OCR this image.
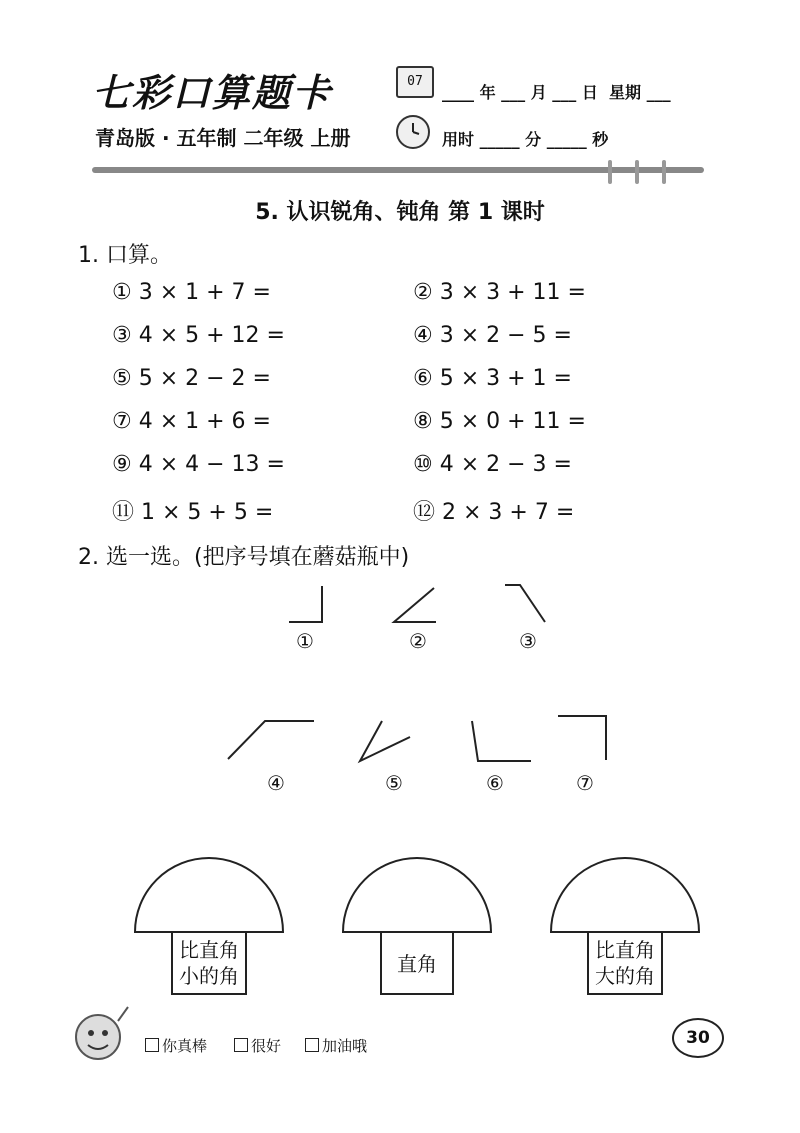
七彩口算题卡
青岛版 · 五年制 二年级 上册
07
____ 年 ___ 月 ___ 日  星期 ___
用时 _____ 分 _____ 秒
5. 认识锐角、钝角 第 1 课时
1. 口算。
① 3 × 1 + 7 =	② 3 × 3 + 11 =
③ 4 × 5 + 12 =	④ 3 × 2 − 5 =
⑤ 5 × 2 − 2 =	⑥ 5 × 3 + 1 =
⑦ 4 × 1 + 6 =	⑧ 5 × 0 + 11 =
⑨ 4 × 4 − 13 =	⑩ 4 × 2 − 3 =
⑪ 1 × 5 + 5 =	⑫ 2 × 3 + 7 =
2. 选一选。(把序号填在蘑菇瓶中)
①	②	③
④	⑤	⑥	⑦
比直角
小的角	直角
比直角
大的角
你真棒	很好	加油哦	30
